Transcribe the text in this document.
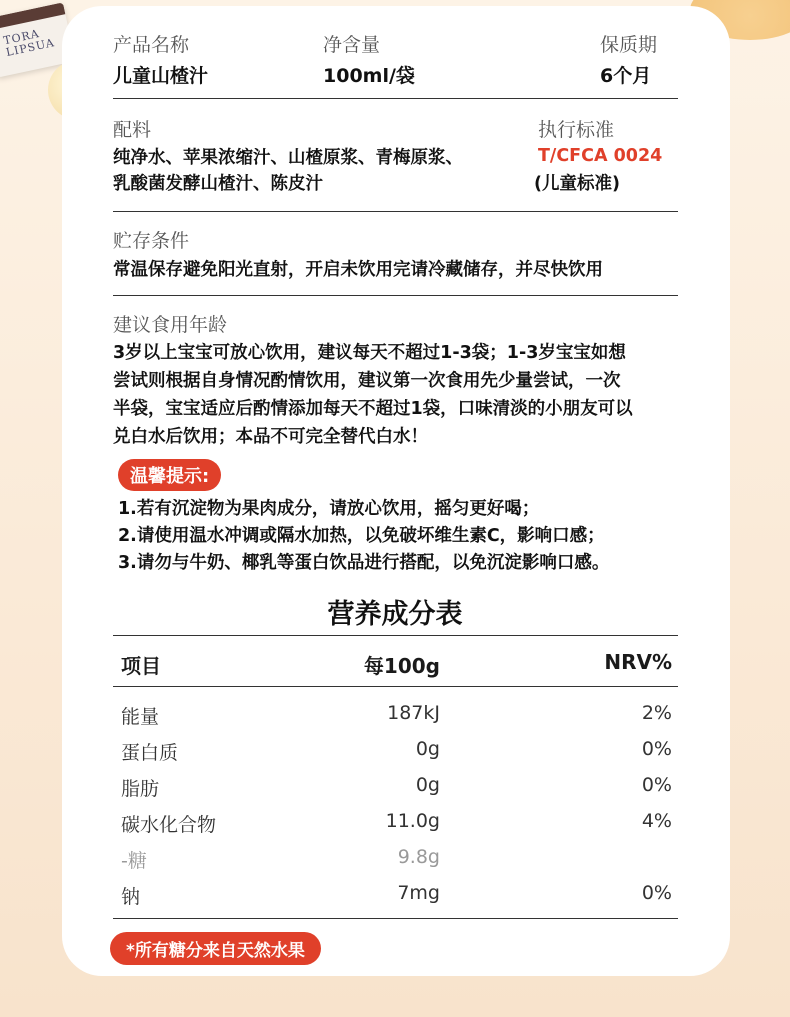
TORA
LIPSUA	产品名称
儿童山楂汁
净含量
100ml/袋
保质期
6个月
配料
纯净水、苹果浓缩汁、山楂原浆、青梅原浆、
乳酸菌发酵山楂汁、陈皮汁
执行标准
T/CFCA 0024
(儿童标准)
贮存条件
常温保存避免阳光直射，开启未饮用完请冷藏储存，并尽快饮用
建议食用年龄
3岁以上宝宝可放心饮用，建议每天不超过1-3袋；1-3岁宝宝如想
尝试则根据自身情况酌情饮用，建议第一次食用先少量尝试，一次
半袋，宝宝适应后酌情添加每天不超过1袋，口味清淡的小朋友可以
兑白水后饮用；本品不可完全替代白水！
温馨提示:
1.若有沉淀物为果肉成分，请放心饮用，摇匀更好喝；
2.请使用温水冲调或隔水加热，以免破坏维生素C，影响口感；
3.请勿与牛奶、椰乳等蛋白饮品进行搭配，以免沉淀影响口感。
营养成分表
项目	每100g	NRV%
能量	187kJ	2%
蛋白质	0g	0%
脂肪	0g	0%
碳水化合物	11.0g	4%
-糖	9.8g
钠	7mg	0%
*所有糖分来自天然水果
